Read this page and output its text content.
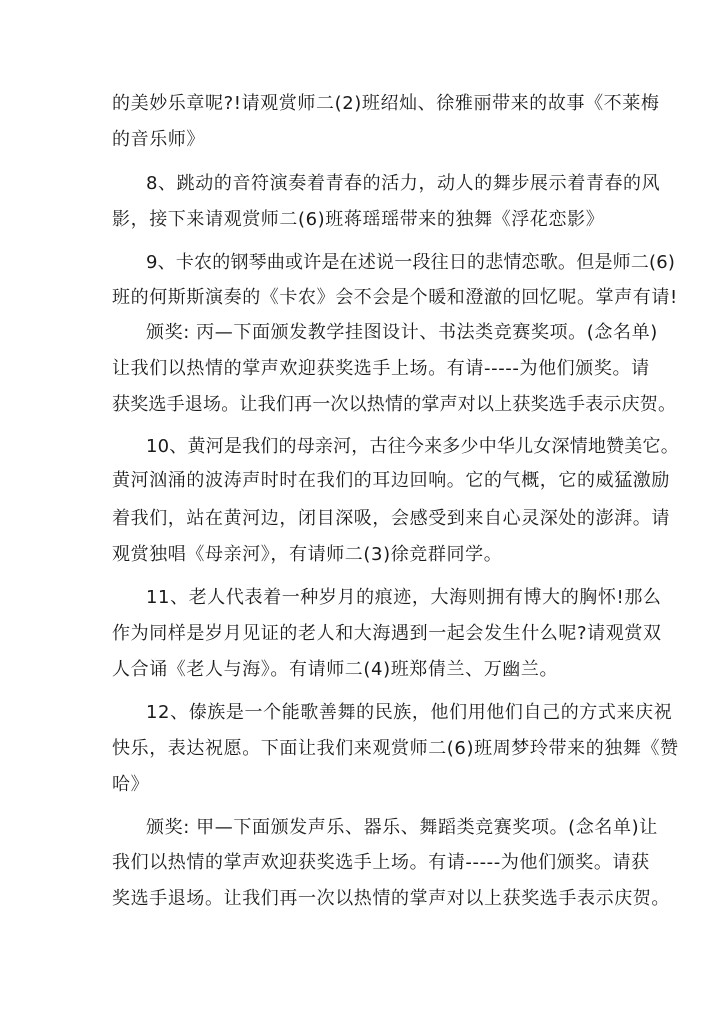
的美妙乐章呢?!请观赏师二(2)班绍灿、徐雅丽带来的故事《不莱梅
的音乐师》
8、跳动的音符演奏着青春的活力，动人的舞步展示着青春的风
影，接下来请观赏师二(6)班蒋瑶瑶带来的独舞《浮花恋影》
9、卡农的钢琴曲或许是在述说一段往日的悲情恋歌。但是师二(6)
班的何斯斯演奏的《卡农》会不会是个暖和澄澈的回忆呢。掌声有请!
颁奖: 丙—下面颁发教学挂图设计、书法类竞赛奖项。(念名单)
让我们以热情的掌声欢迎获奖选手上场。有请-----为他们颁奖。请
获奖选手退场。让我们再一次以热情的掌声对以上获奖选手表示庆贺。
10、黄河是我们的母亲河，古往今来多少中华儿女深情地赞美它。
黄河汹涌的波涛声时时在我们的耳边回响。它的气概，它的威猛激励
着我们，站在黄河边，闭目深吸，会感受到来自心灵深处的澎湃。请
观赏独唱《母亲河》，有请师二(3)徐竞群同学。
11、老人代表着一种岁月的痕迹，大海则拥有博大的胸怀!那么
作为同样是岁月见证的老人和大海遇到一起会发生什么呢?请观赏双
人合诵《老人与海》。有请师二(4)班郑倩兰、万幽兰。
12、傣族是一个能歌善舞的民族，他们用他们自己的方式来庆祝
快乐，表达祝愿。下面让我们来观赏师二(6)班周梦玲带来的独舞《赞
哈》
颁奖: 甲—下面颁发声乐、器乐、舞蹈类竞赛奖项。(念名单)让
我们以热情的掌声欢迎获奖选手上场。有请-----为他们颁奖。请获
奖选手退场。让我们再一次以热情的掌声对以上获奖选手表示庆贺。
